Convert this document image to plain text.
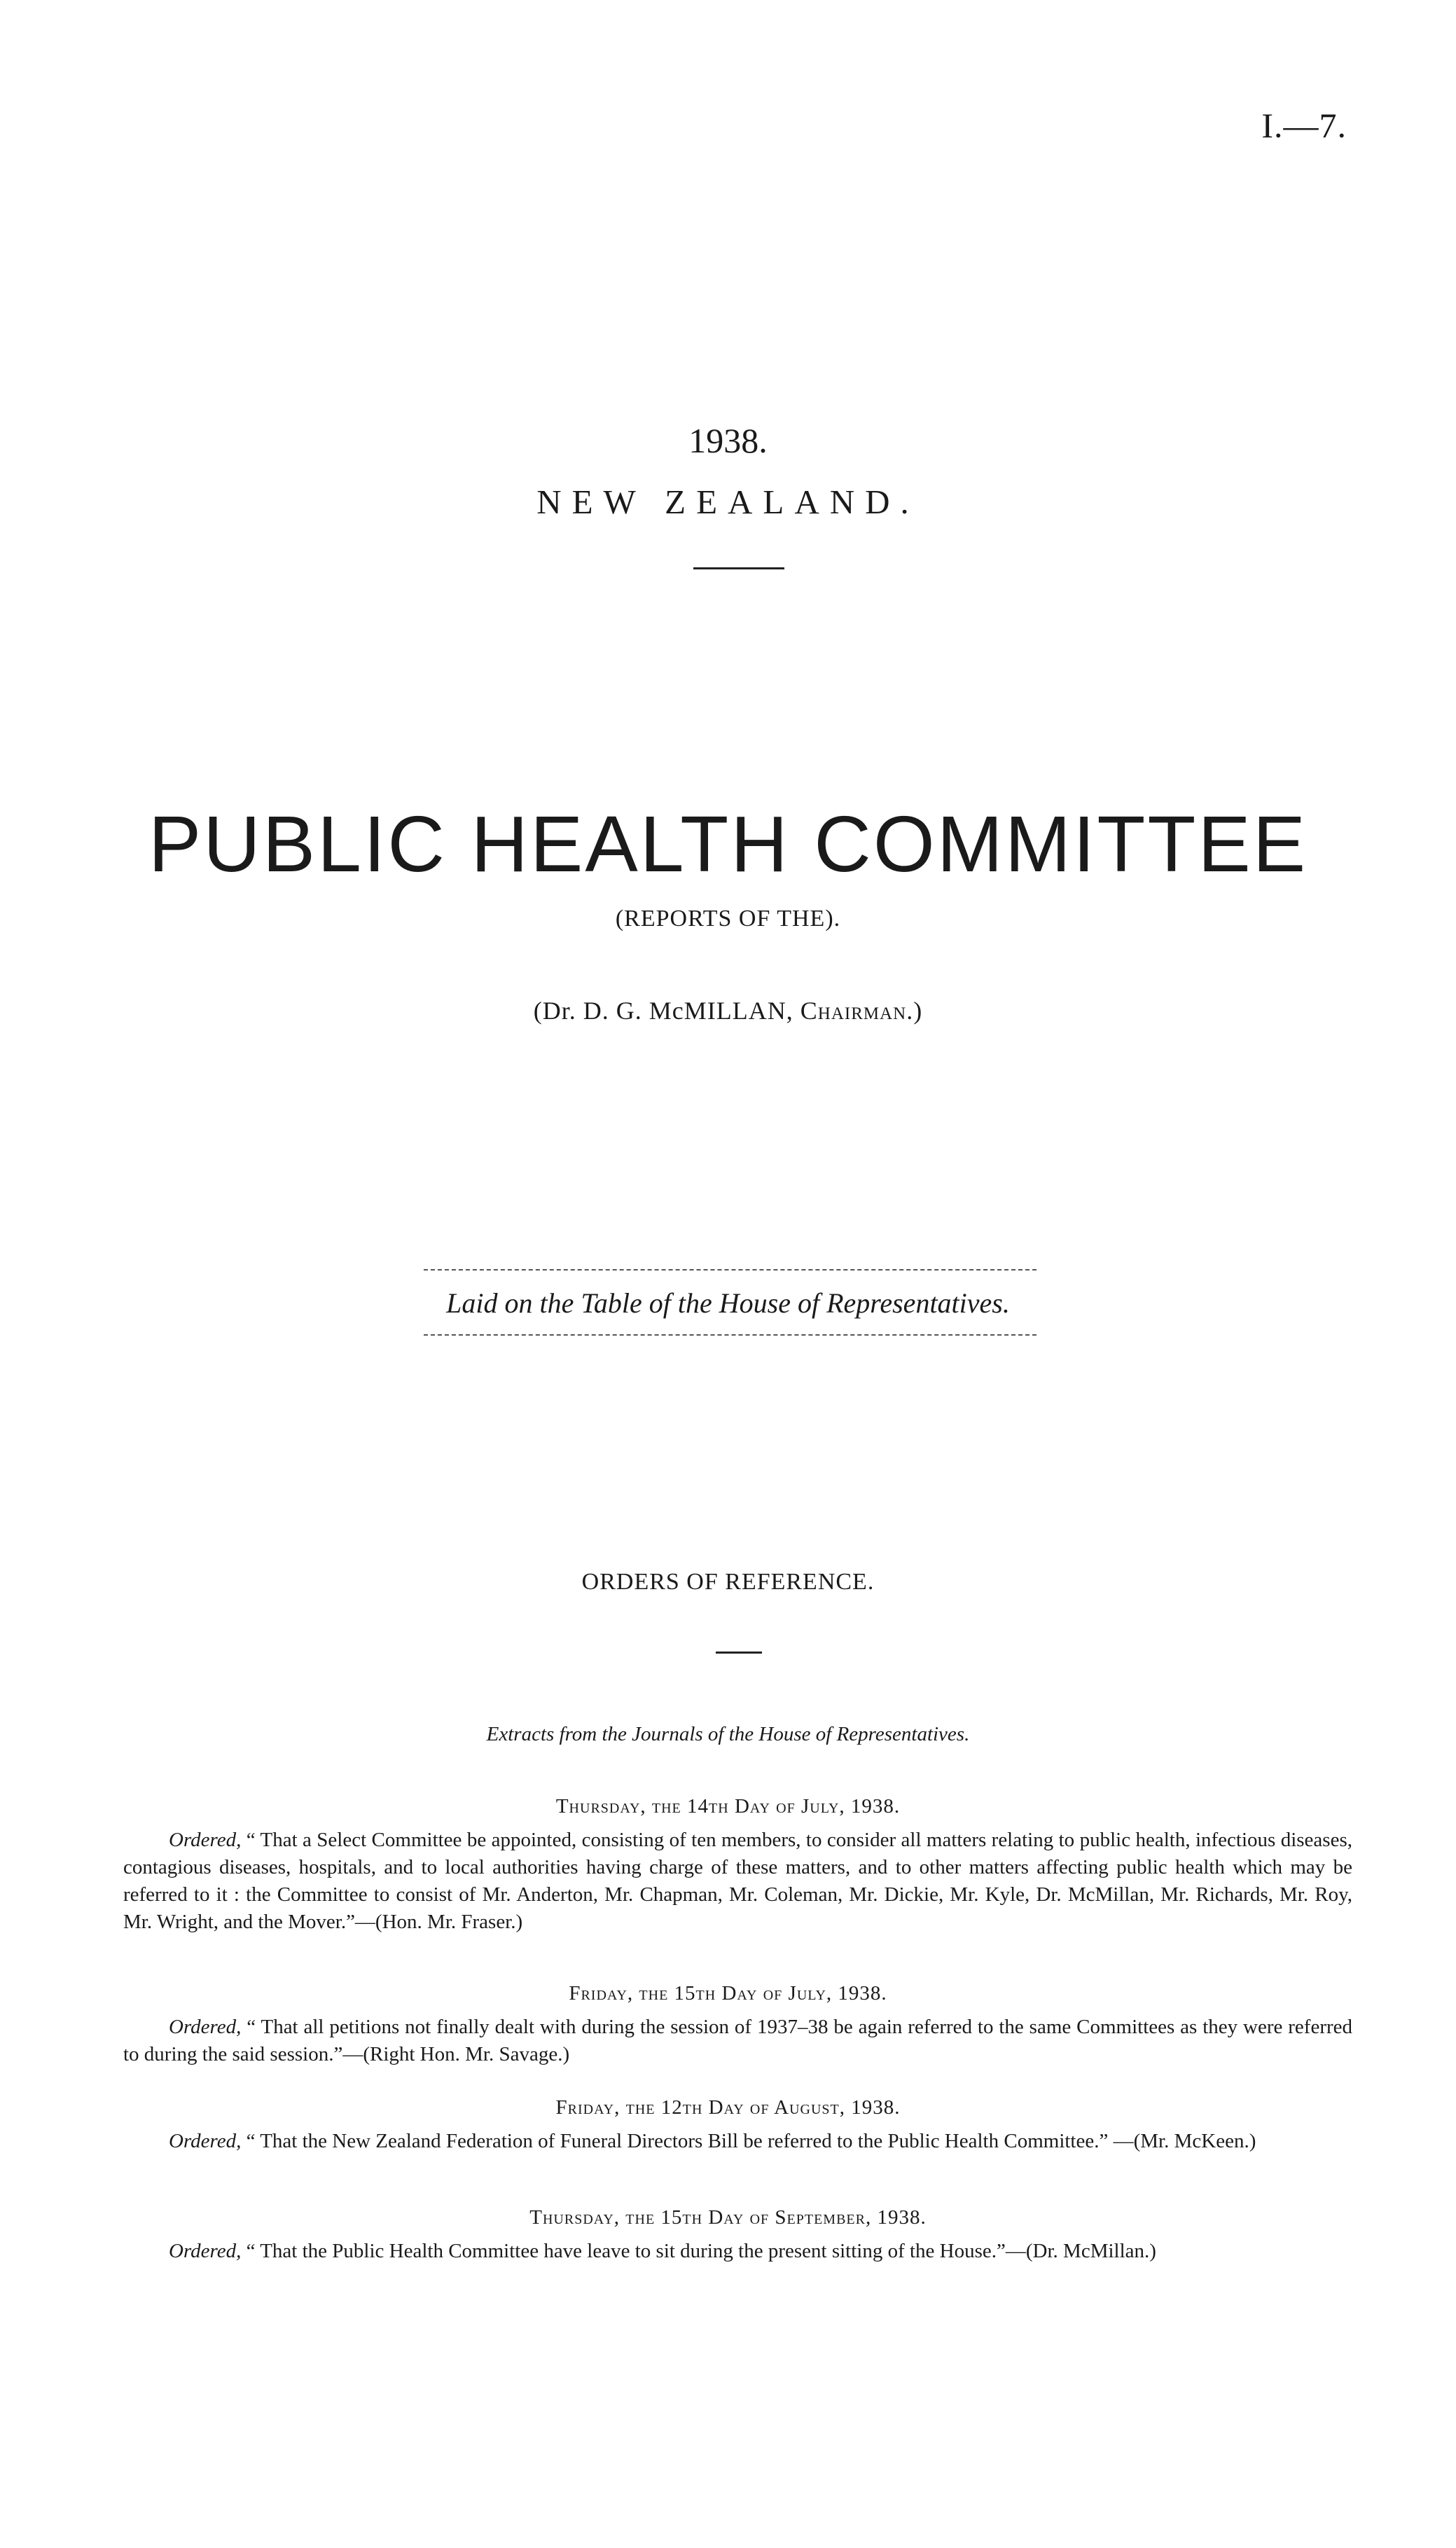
I.—7.
1938.
NEW ZEALAND.
PUBLIC HEALTH COMMITTEE
(REPORTS OF THE).
(Dr. D. G. McMILLAN, Chairman.)
Laid on the Table of the House of Representatives.
ORDERS OF REFERENCE.
Extracts from the Journals of the House of Representatives.
Thursday, the 14th Day of July, 1938.
Ordered, “ That a Select Committee be appointed, consisting of ten members, to consider all matters relating to public health, infectious diseases, contagious diseases, hospitals, and to local authorities having charge of these matters, and to other matters affecting public health which may be referred to it : the Committee to consist of Mr. Anderton, Mr. Chapman, Mr. Coleman, Mr. Dickie, Mr. Kyle, Dr. McMillan, Mr. Richards, Mr. Roy, Mr. Wright, and the Mover.”—(Hon. Mr. Fraser.)
Friday, the 15th Day of July, 1938.
Ordered, “ That all petitions not finally dealt with during the session of 1937–38 be again referred to the same Committees as they were referred to during the said session.”—(Right Hon. Mr. Savage.)
Friday, the 12th Day of August, 1938.
Ordered, “ That the New Zealand Federation of Funeral Directors Bill be referred to the Public Health Committee.” —(Mr. McKeen.)
Thursday, the 15th Day of September, 1938.
Ordered, “ That the Public Health Committee have leave to sit during the present sitting of the House.”—(Dr. McMillan.)
